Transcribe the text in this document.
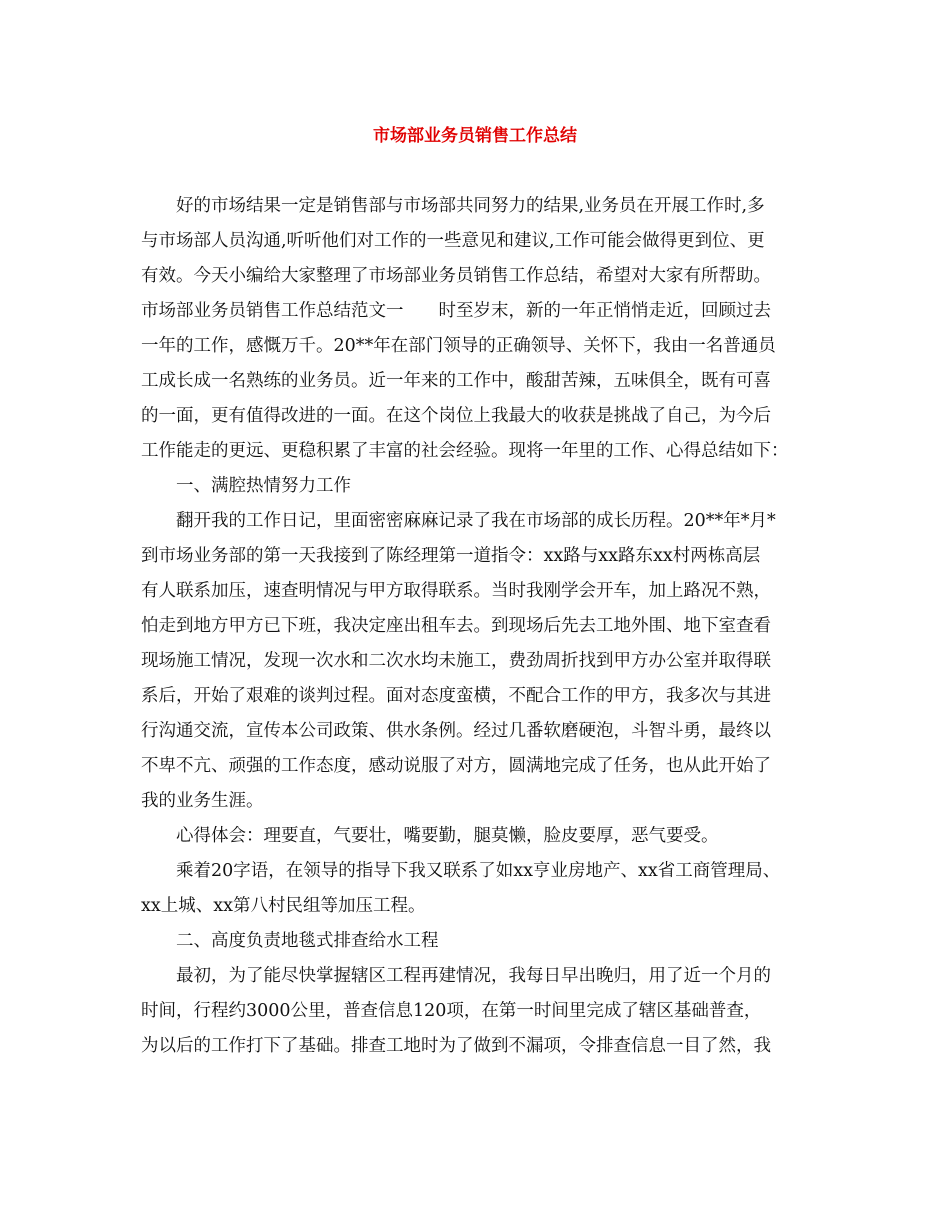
市场部业务员销售工作总结
好的市场结果一定是销售部与市场部共同努力的结果,业务员在开展工作时,多
与市场部人员沟通,听听他们对工作的一些意见和建议,工作可能会做得更到位、更
有效。今天小编给大家整理了市场部业务员销售工作总结，希望对大家有所帮助。
市场部业务员销售工作总结范文一　　时至岁末，新的一年正悄悄走近，回顾过去
一年的工作，感慨万千。20**年在部门领导的正确领导、关怀下，我由一名普通员
工成长成一名熟练的业务员。近一年来的工作中，酸甜苦辣，五味俱全，既有可喜
的一面，更有值得改进的一面。在这个岗位上我最大的收获是挑战了自己，为今后
工作能走的更远、更稳积累了丰富的社会经验。现将一年里的工作、心得总结如下：
一、满腔热情努力工作
翻开我的工作日记，里面密密麻麻记录了我在市场部的成长历程。20**年*月*
到市场业务部的第一天我接到了陈经理第一道指令：xx路与xx路东xx村两栋高层
有人联系加压，速查明情况与甲方取得联系。当时我刚学会开车，加上路况不熟，
怕走到地方甲方已下班，我决定座出租车去。到现场后先去工地外围、地下室查看
现场施工情况，发现一次水和二次水均未施工，费劲周折找到甲方办公室并取得联
系后，开始了艰难的谈判过程。面对态度蛮横，不配合工作的甲方，我多次与其进
行沟通交流，宣传本公司政策、供水条例。经过几番软磨硬泡，斗智斗勇，最终以
不卑不亢、顽强的工作态度，感动说服了对方，圆满地完成了任务，也从此开始了
我的业务生涯。
心得体会：理要直，气要壮，嘴要勤，腿莫懒，脸皮要厚，恶气要受。
乘着20字语，在领导的指导下我又联系了如xx亨业房地产、xx省工商管理局、
xx上城、xx第八村民组等加压工程。
二、高度负责地毯式排查给水工程
最初，为了能尽快掌握辖区工程再建情况，我每日早出晚归，用了近一个月的
时间，行程约3000公里，普查信息120项，在第一时间里完成了辖区基础普查，
为以后的工作打下了基础。排查工地时为了做到不漏项，令排查信息一目了然，我
